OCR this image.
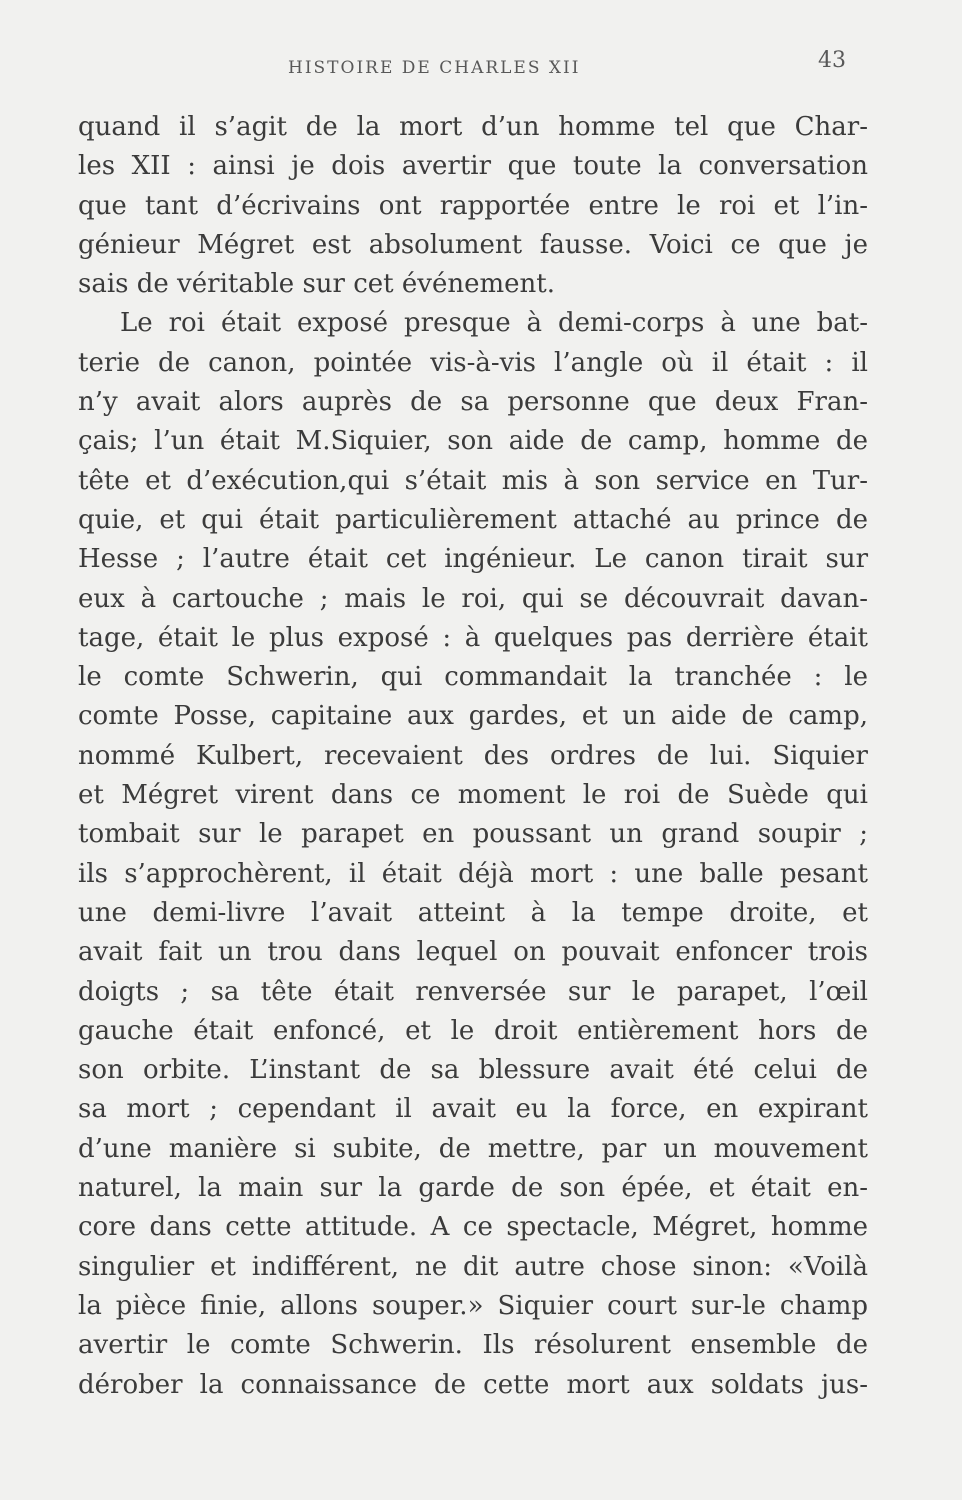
HISTOIRE DE CHARLES XII	43
quand il s’agit de la mort d’un homme tel que Char-
les XII : ainsi je dois avertir que toute la conversation
que tant d’écrivains ont rapportée entre le roi et l’in-
génieur Mégret est absolument fausse. Voici ce que je
sais de véritable sur cet événement.
Le roi était exposé presque à demi-corps à une bat-
terie de canon, pointée vis-à-vis l’angle où il était : il
n’y avait alors auprès de sa personne que deux Fran-
çais; l’un était M.Siquier, son aide de camp, homme de
tête et d’exécution,qui s’était mis à son service en Tur-
quie, et qui était particulièrement attaché au prince de
Hesse ; l’autre était cet ingénieur. Le canon tirait sur
eux à cartouche ; mais le roi, qui se découvrait davan-
tage, était le plus exposé : à quelques pas derrière était
le comte Schwerin, qui commandait la tranchée : le
comte Posse, capitaine aux gardes, et un aide de camp,
nommé Kulbert, recevaient des ordres de lui. Siquier
et Mégret virent dans ce moment le roi de Suède qui
tombait sur le parapet en poussant un grand soupir ;
ils s’approchèrent, il était déjà mort : une balle pesant
une demi-livre l’avait atteint à la tempe droite, et
avait fait un trou dans lequel on pouvait enfoncer trois
doigts ; sa tête était renversée sur le parapet, l’œil
gauche était enfoncé, et le droit entièrement hors de
son orbite. L’instant de sa blessure avait été celui de
sa mort ; cependant il avait eu la force, en expirant
d’une manière si subite, de mettre, par un mouvement
naturel, la main sur la garde de son épée, et était en-
core dans cette attitude. A ce spectacle, Mégret, homme
singulier et indifférent, ne dit autre chose sinon: «Voilà
la pièce finie, allons souper.» Siquier court sur-le champ
avertir le comte Schwerin. Ils résolurent ensemble de
dérober la connaissance de cette mort aux soldats jus-
